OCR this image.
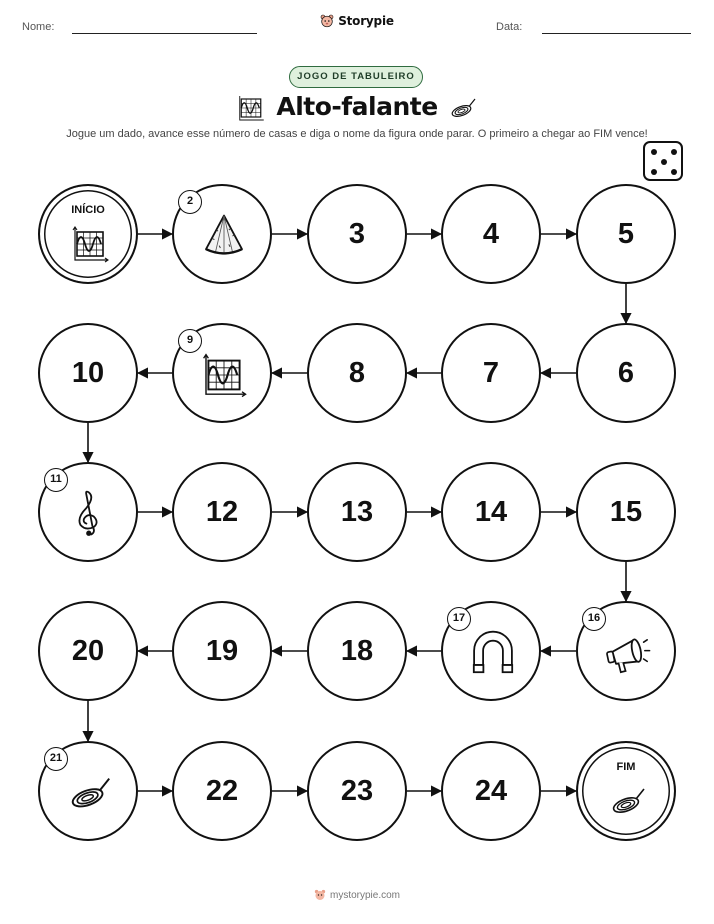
Nome:	Data:
Storypie
JOGO DE TABULEIRO
Alto-falante
Jogue um dado, avance esse número de casas e diga o nome da figura onde parar. O primeiro a chegar ao FIM vence!
INÍCIO
2
3	4	5
6
7
8
9
10
11
12	13	14	15
16
17
18
19
20
21
22	23	24
FIM
mystorypie.com
